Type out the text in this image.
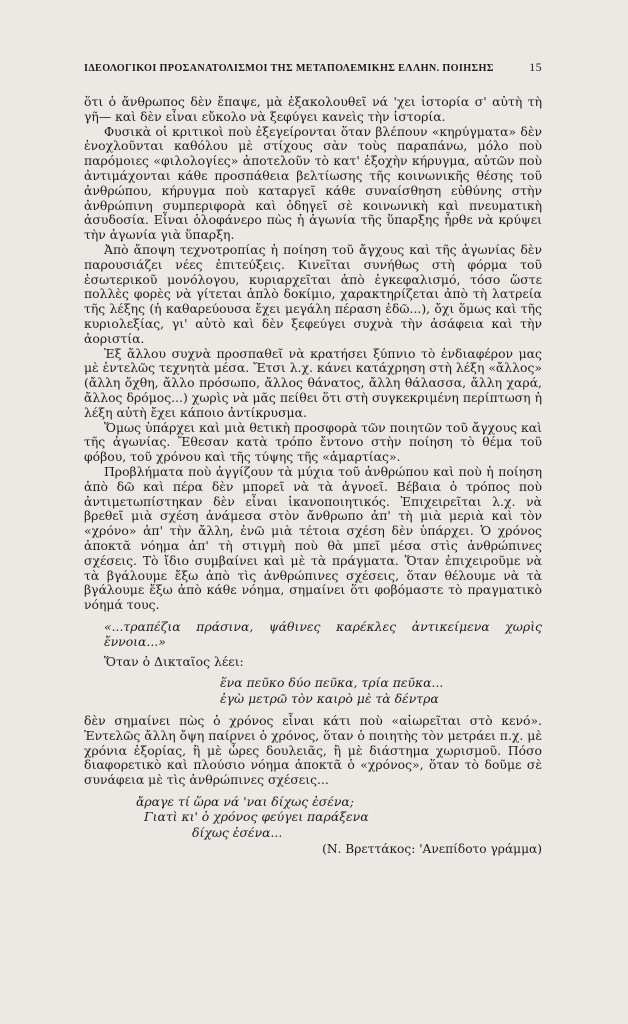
ΙΔΕΟΛΟΓΙΚΟΙ ΠΡΟΣΑΝΑΤΟΛΙΣΜΟΙ ΤΗΣ ΜΕΤΑΠΟΛΕΜΙΚΗΣ ΕΛΛΗΝ. ΠΟΙΗΣΗΣ	15

ὅτι ὁ ἄνθρωπος δὲν ἔπαψε, μὰ ἐξακολουθεῖ νά 'χει ἱστορία σ' αὐτὴ τὴ γῆ— καὶ δὲν εἶναι εὔκολο νὰ ξεφύγει κανεὶς τὴν ἱστορία.

Φυσικὰ οἱ κριτικοὶ ποὺ ἐξεγείρονται ὅταν βλέπουν «κηρύγματα» δὲν ἐνοχλοῦνται καθόλου μὲ στίχους σὰν τοὺς παραπάνω, μόλο ποὺ παρόμοιες «φιλολογίες» ἀποτελοῦν τὸ κατ' ἐξοχὴν κήρυγμα, αὐτῶν ποὺ ἀντιμάχονται κάθε προσπάθεια βελτίωσης τῆς κοινωνικῆς θέσης τοῦ ἀνθρώπου, κήρυγμα ποὺ καταργεῖ κάθε συναίσθηση εὐθύνης στὴν ἀνθρώπινη συμπεριφορὰ καὶ ὁδηγεῖ σὲ κοινωνικὴ καὶ πνευματικὴ ἀσυδοσία. Εἶναι ὁλοφάνερο πὼς ἡ ἀγωνία τῆς ὕπαρξης ἦρθε νὰ κρύψει τὴν ἀγωνία γιὰ ὕπαρξη.

Ἀπὸ ἄποψη τεχνοτροπίας ἡ ποίηση τοῦ ἄγχους καὶ τῆς ἀγωνίας δὲν παρουσιάζει νέες ἐπιτεύξεις. Κινεῖται συνήθως στὴ φόρμα τοῦ ἐσωτερικοῦ μονόλογου, κυριαρχεῖται ἀπὸ ἐγκεφαλισμό, τόσο ὥστε πολλὲς φορὲς νὰ γίτεται ἁπλὸ δοκίμιο, χαρακτηρίζεται ἀπὸ τὴ λατρεία τῆς λέξης (ἡ καθαρεύουσα ἔχει μεγάλη πέραση ἐδῶ...), ὄχι ὅμως καὶ τῆς κυριολεξίας, γι' αὐτὸ καὶ δὲν ξεφεύγει συχνὰ τὴν ἀσάφεια καὶ τὴν ἀοριστία.

Ἐξ ἄλλου συχνὰ προσπαθεῖ νὰ κρατήσει ξύπνιο τὸ ἐνδιαφέρον μας μὲ ἐντελῶς τεχνητὰ μέσα. Ἔτσι λ.χ. κάνει κατάχρηση στὴ λέξη «ἄλλος» (ἄλλη ὄχθη, ἄλλο πρόσωπο, ἄλλος θάνατος, ἄλλη θάλασσα, ἄλλη χαρά, ἄλλος δρόμος...) χωρὶς νὰ μᾶς πείθει ὅτι στὴ συγκεκριμένη περίπτωση ἡ λέξη αὐτὴ ἔχει κάποιο ἀντίκρυσμα.

Ὅμως ὑπάρχει καὶ μιὰ θετικὴ προσφορὰ τῶν ποιητῶν τοῦ ἄγχους καὶ τῆς ἀγωνίας. Ἔθεσαν κατὰ τρόπο ἔντονο στὴν ποίηση τὸ θέμα τοῦ φόβου, τοῦ χρόνου καὶ τῆς τύψης τῆς «ἁμαρτίας».

Προβλήματα ποὺ ἀγγίζουν τὰ μύχια τοῦ ἀνθρώπου καὶ ποὺ ἡ ποίηση ἀπὸ δῶ καὶ πέρα δὲν μπορεῖ νὰ τὰ ἀγνοεῖ. Βέβαια ὁ τρόπος ποὺ ἀντιμετωπίστηκαν δὲν εἶναι ἱκανοποιητικός. Ἐπιχειρεῖται λ.χ. νὰ βρεθεῖ μιὰ σχέση ἀνάμεσα στὸν ἄνθρωπο ἀπ' τὴ μιὰ μεριὰ καὶ τὸν «χρόνο» ἀπ' τὴν ἄλλη, ἐνῶ μιὰ τέτοια σχέση δὲν ὑπάρχει. Ὁ χρόνος ἀποκτᾶ νόημα ἀπ' τὴ στιγμὴ ποὺ θὰ μπεῖ μέσα στὶς ἀνθρώπινες σχέσεις. Τὸ ἴδιο συμβαίνει καὶ μὲ τὰ πράγματα. Ὅταν ἐπιχειροῦμε νὰ τὰ βγάλουμε ἔξω ἀπὸ τὶς ἀνθρώπινες σχέσεις, ὅταν θέλουμε νὰ τὰ βγάλουμε ἔξω ἀπὸ κάθε νόημα, σημαίνει ὅτι φοβόμαστε τὸ πραγματικὸ νόημά τους.

«...τραπέζια πράσινα, ψάθινες καρέκλες ἀντικείμενα χωρὶς ἔννοια...»

Ὅταν ὁ Δικταῖος λέει:

ἕνα πεῦκο δύο πεῦκα, τρία πεῦκα...
ἐγὼ μετρῶ τὸν καιρὸ μὲ τὰ δέντρα

δὲν σημαίνει πὼς ὁ χρόνος εἶναι κάτι ποὺ «αἰωρεῖται στὸ κενό». Ἐντελῶς ἄλλη ὄψη παίρνει ὁ χρόνος, ὅταν ὁ ποιητὴς τὸν μετράει π.χ. μὲ χρόνια ἐξορίας, ἢ μὲ ὧρες δουλειᾶς, ἢ μὲ διάστημα χωρισμοῦ. Πόσο διαφορετικὸ καὶ πλούσιο νόημα ἀποκτᾶ ὁ «χρόνος», ὅταν τὸ δοῦμε σὲ συνάφεια μὲ τὶς ἀνθρώπινες σχέσεις...

ἄραγε τί ὥρα νά 'ναι δίχως ἐσένα;
Γιατὶ κι' ὁ χρόνος φεύγει παράξενα
δίχως ἐσένα...
(Ν. Βρεττάκος: 'Ανεπίδοτο γράμμα)
